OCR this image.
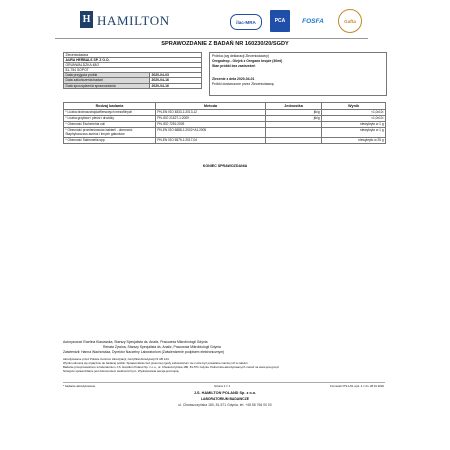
H HAMILTON	ilac-MRA	PCA	FOSFA	Gafta
SPRAWOZDANIE Z BADAŃ NR 160230/20/SGDY
Zleceniodawca	
AURA HERBALS SP. Z O.O.	
GRUNWALDZKA 48/2	
81-754 SOPOT	
Data przyjęcia próbki	2020-04-03
Data zakończenia badań	2020-04-16
Data sporządzenia sprawozdania	2020-04-16
Próbka (wg deklaracji Zleceniodawcy)
Oregodrop - Olejek z Oregano krople (30ml)
Stan próbki bez zastrzeżeń
Zlecenie z dnia 2020-04-01
Próbki dostarczone przez Zleceniodawcę
Rodzaj badania	Metoda	Jednostka	Wynik
* Liczba drobnoustrojów/tlenowych mezofilnych	PN-EN ISO 4833-1:2013-12	jtk/g	<1,0x10¹
* Liczba grzybów i pleśni i drożdży	PN-ISO 21527-1:2009	jtk/g	<1,0x10¹
* Obecność Escherichia coli	PN-ISO 7251:2009		niewykryto w 1 g
* Obecność promieniowców bakterii - obecność Staphylococcus aureus i innych gatunków	PN-EN ISO 6888-1:2002+A1:2005		niewykryto w 1 g
* Obecność Salmonella spp.	PN-EN ISO 6579-1:2017-04		niewykryto w 25 g
KONIEC SPRAWOZDANIA
Autoryzował: Ewelina Klasowska, Starszy Specjalista ds. Analiz, Pracownia Mikrobiologii Gdynia
Renata Żywina, Starszy Specjalista ds. Analiz, Pracownia Mikrobiologii Gdynia
Zatwierdził: Hanna Wachowska, Dyrektor Naczelny Laboratorium (Zatwierdzenie podpisem elektronicznym)
Akredytowane przez Polskie Centrum Akredytacji, Certyfikat Akredytacji Nr AB 144.
Wyniki odnoszą się wyłącznie do badanej próbki. Sprawozdanie bez pisemnej zgody Laboratorium nie może być powielane inaczej niż w całości.
Badanie przeprowadzono w laboratorium J.S. Hamilton Poland Sp. z o.o., ul. Chwaszczyńska 180, 81-571 Gdynia. Pełna lista akredytowanych metod na www.pca.gov.pl
Niniejsze sprawozdanie jest dokumentem elektronicznym. Wydrukowana wersja jest kopią.
* badanie akredytowane	Strona 1 z 1	Formularz PS-1/01 wyd. 4 z dn. 28.01.2020
J.S. HAMILTON POLAND Sp. z o.o.
LABORATORIUM BADAWCZE
ul. Chwaszczyńska 180, 81-571 Gdynia, tel. +48 58 766 00 00
